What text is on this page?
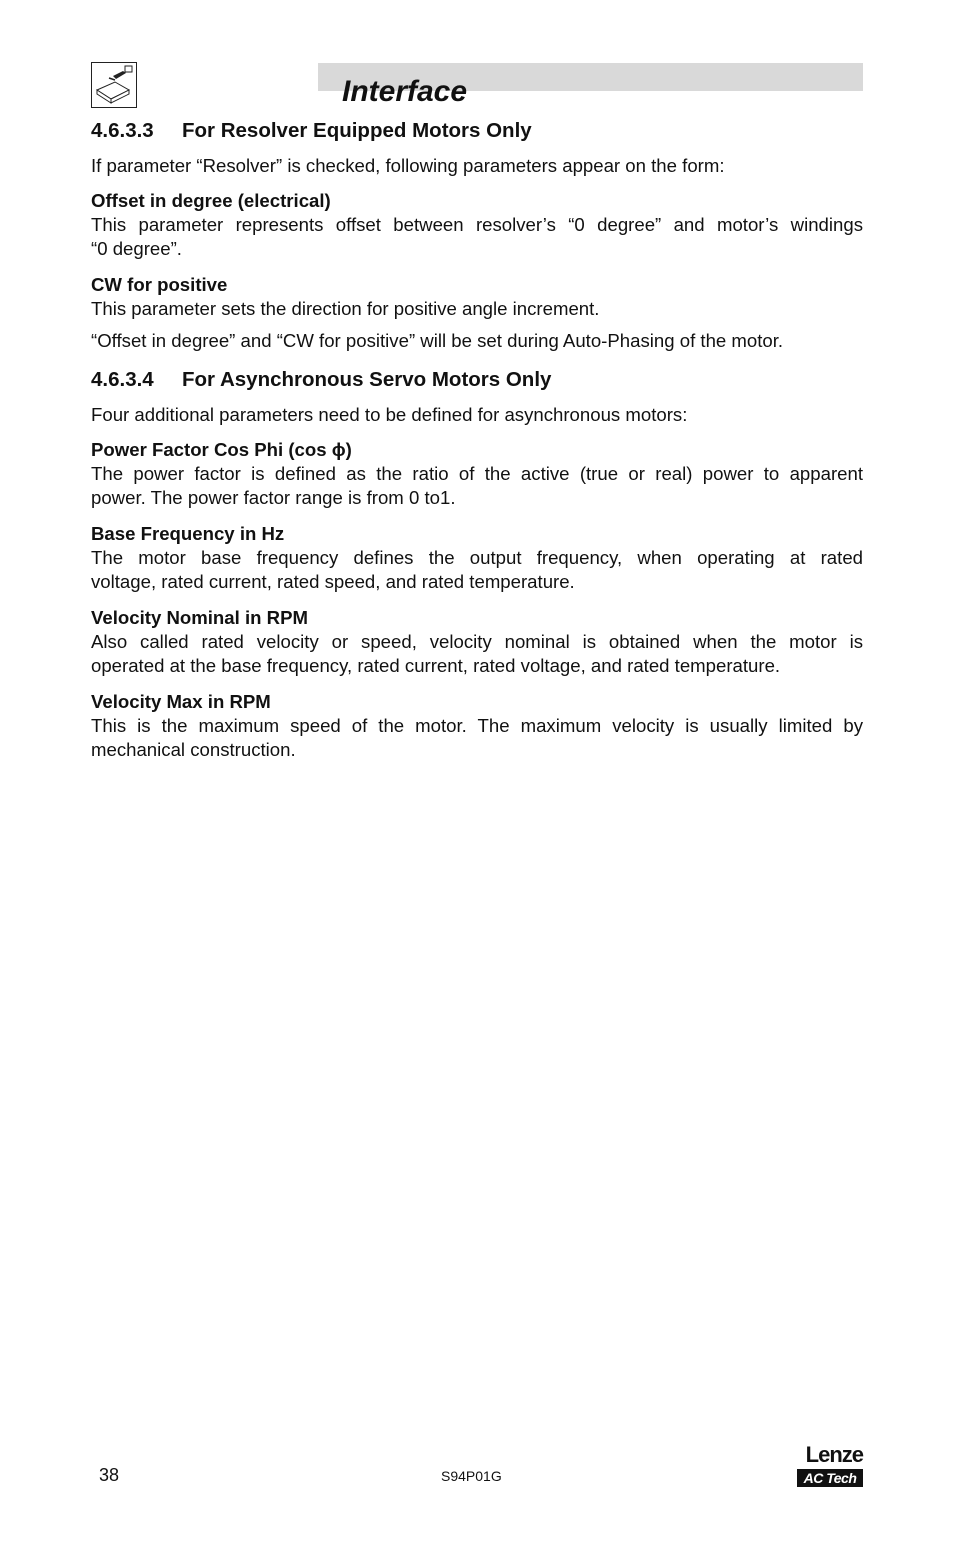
Interface
4.6.3.3 For Resolver Equipped Motors Only
If parameter “Resolver” is checked, following parameters appear on the form:
Offset in degree (electrical)
This parameter represents offset between resolver’s “0 degree” and motor’s windings
“0 degree”.
CW for positive
This parameter sets the direction for positive angle increment.
“Offset in degree” and “CW for positive” will be set during Auto-Phasing of the motor.
4.6.3.4 For Asynchronous Servo Motors Only
Four additional parameters need to be defined for asynchronous motors:
Power Factor Cos Phi (cos ϕ)
The power factor is defined as the ratio of the active (true or real) power to apparent
power. The power factor range is from 0 to1.
Base Frequency in Hz
The motor base frequency defines the output frequency, when operating at rated
voltage, rated current, rated speed, and rated temperature.
Velocity Nominal in RPM
Also called rated velocity or speed, velocity nominal is obtained when the motor is
operated at the base frequency, rated current, rated voltage, and rated temperature.
Velocity Max in RPM
This is the maximum speed of the motor. The maximum velocity is usually limited by
mechanical construction.
38	S94P01G
Lenze
AC Tech
